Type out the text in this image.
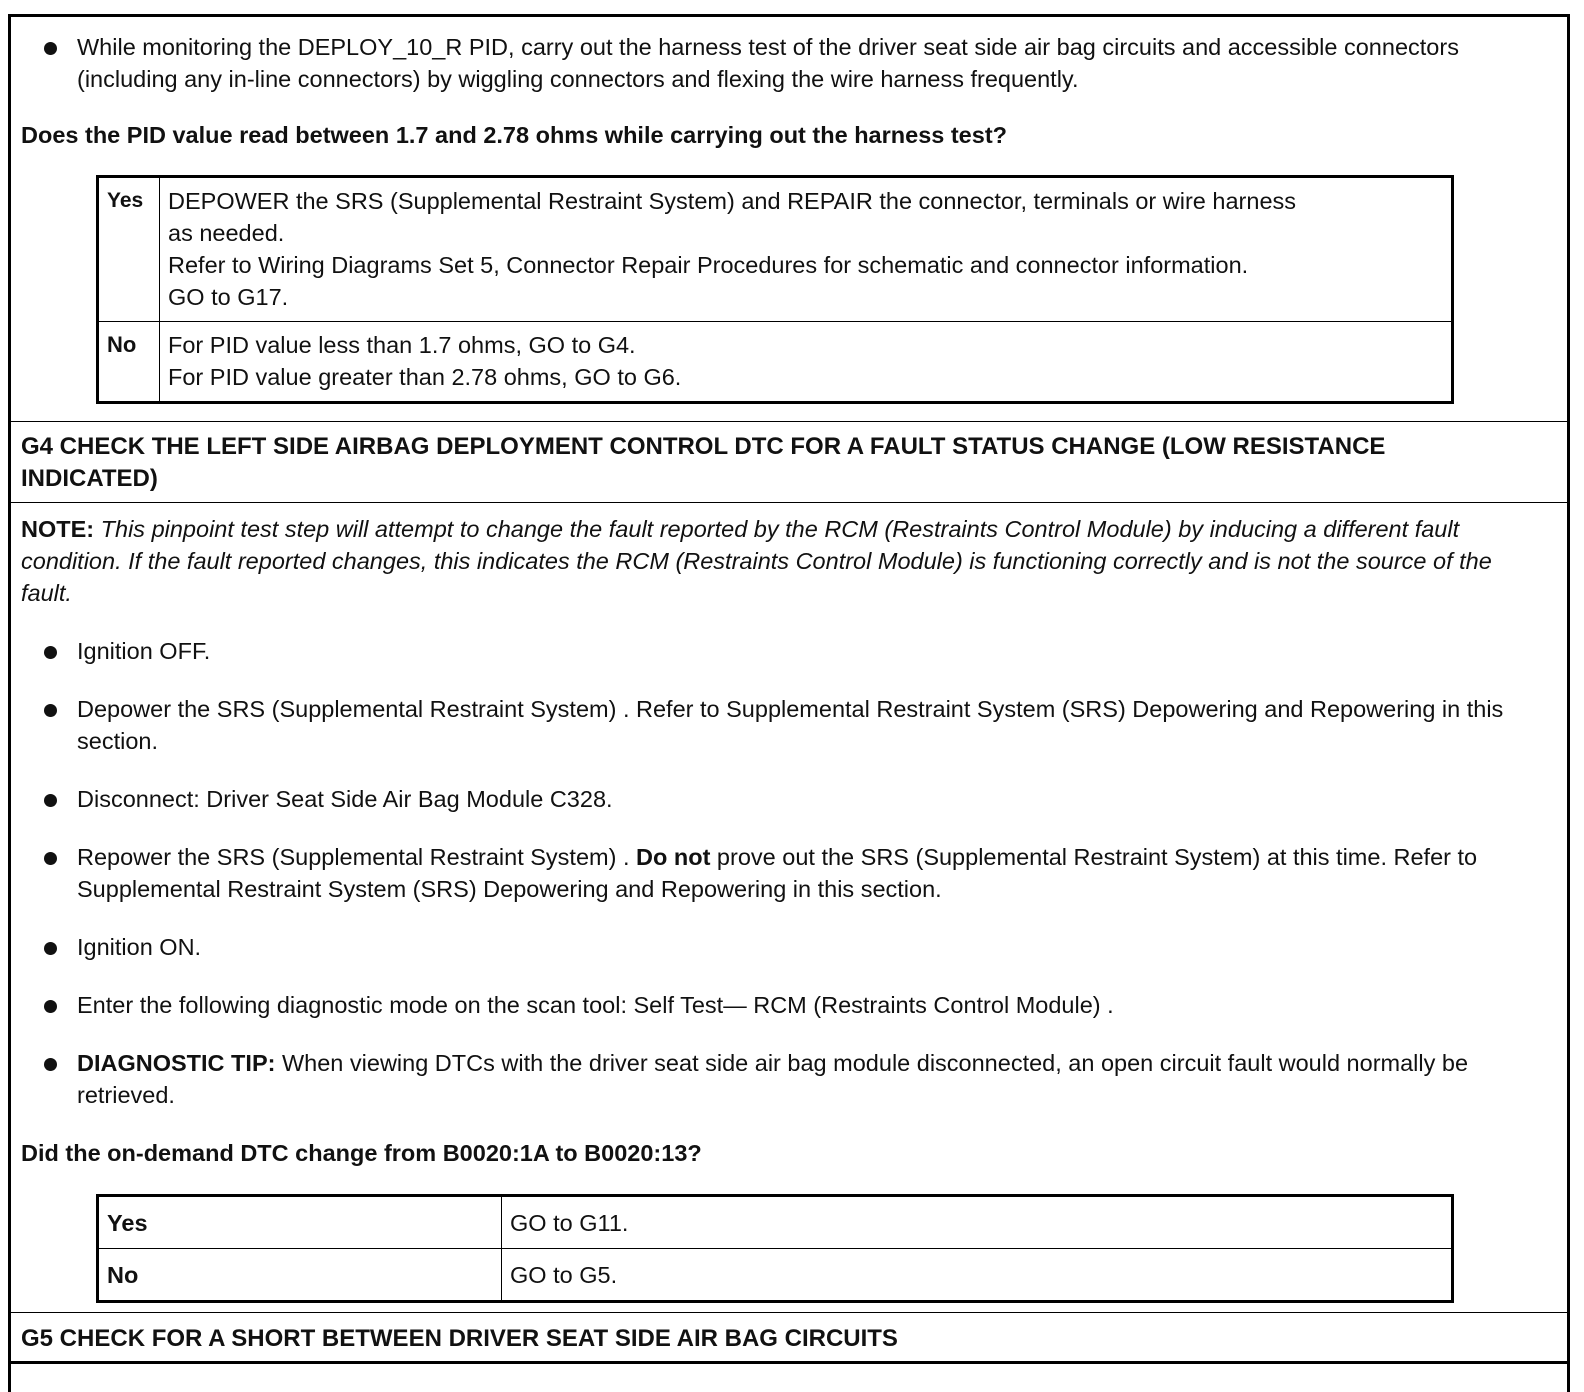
While monitoring the DEPLOY_10_R PID, carry out the harness test of the driver seat side air bag circuits and accessible connectors (including any in-line connectors) by wiggling connectors and flexing the wire harness frequently.
Does the PID value read between 1.7 and 2.78 ohms while carrying out the harness test?
Yes	DEPOWER the SRS (Supplemental Restraint System) and REPAIR the connector, terminals or wire harness
as needed.
Refer to Wiring Diagrams Set 5, Connector Repair Procedures for schematic and connector information.
GO to G17.

No	For PID value less than 1.7 ohms, GO to G4.
For PID value greater than 2.78 ohms, GO to G6.
G4 CHECK THE LEFT SIDE AIRBAG DEPLOYMENT CONTROL DTC FOR A FAULT STATUS CHANGE (LOW RESISTANCE INDICATED)
NOTE: This pinpoint test step will attempt to change the fault reported by the RCM (Restraints Control Module) by inducing a different fault condition. If the fault reported changes, this indicates the RCM (Restraints Control Module) is functioning correctly and is not the source of the fault.
Ignition OFF.
Depower the SRS (Supplemental Restraint System) . Refer to Supplemental Restraint System (SRS) Depowering and Repowering in this section.
Disconnect: Driver Seat Side Air Bag Module C328.
Repower the SRS (Supplemental Restraint System) . Do not prove out the SRS (Supplemental Restraint System) at this time. Refer to Supplemental Restraint System (SRS) Depowering and Repowering in this section.
Ignition ON.
Enter the following diagnostic mode on the scan tool: Self Test— RCM (Restraints Control Module) .
DIAGNOSTIC TIP: When viewing DTCs with the driver seat side air bag module disconnected, an open circuit fault would normally be retrieved.
Did the on-demand DTC change from B0020:1A to B0020:13?
Yes	GO to G11.
No	GO to G5.
G5 CHECK FOR A SHORT BETWEEN DRIVER SEAT SIDE AIR BAG CIRCUITS
